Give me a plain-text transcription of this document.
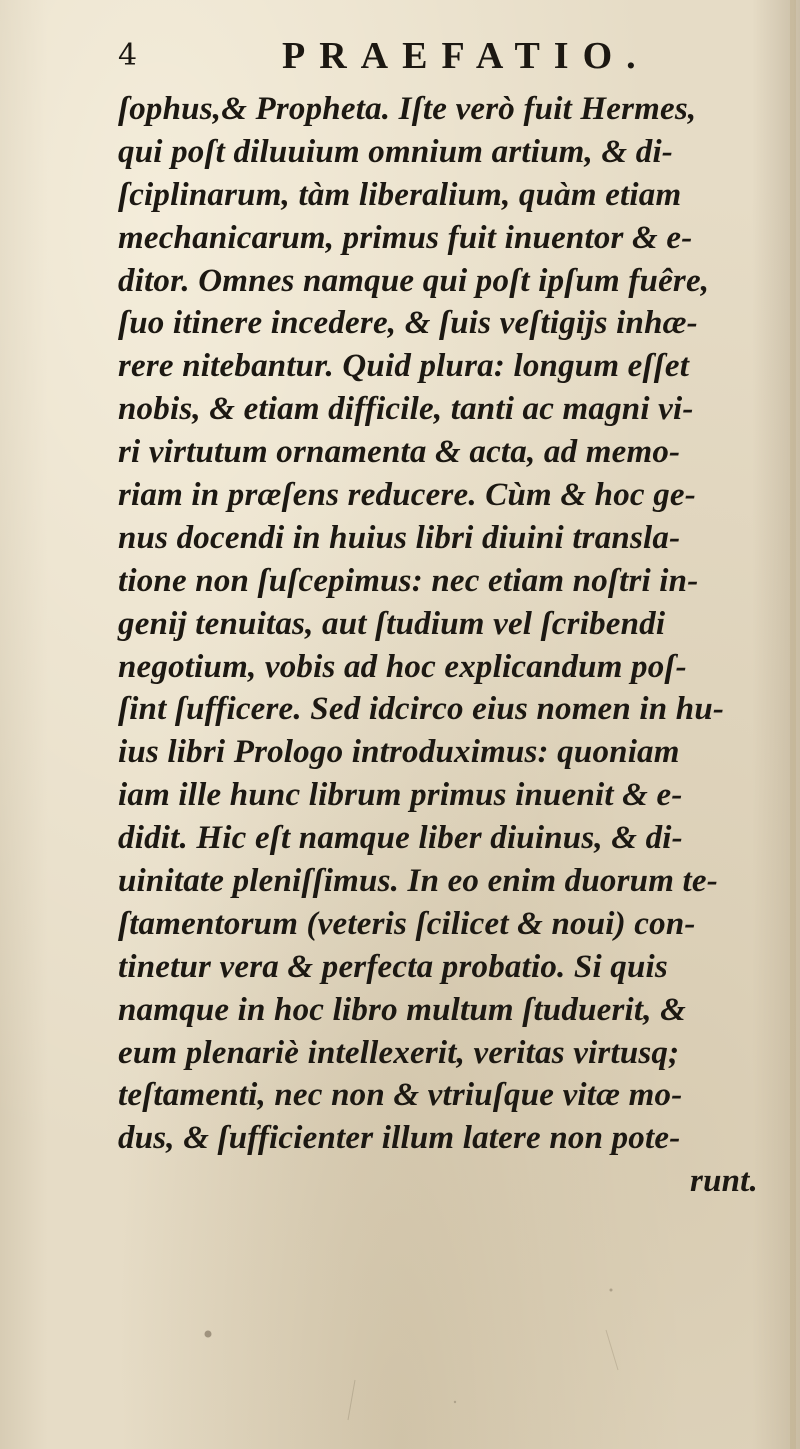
4	PRAEFATIO.
ſophus,& Propheta. Iſte verò fuit Hermes,
qui poſt diluuium omnium artium, & di-
ſciplinarum, tàm liberalium, quàm etiam
mechanicarum, primus fuit inuentor & e-
ditor. Omnes namque qui poſt ipſum fuêre,
ſuo itinere incedere, & ſuis veſtigijs inhæ-
rere nitebantur. Quid plura: longum eſſet
nobis, & etiam difficile, tanti ac magni vi-
ri virtutum ornamenta & acta, ad memo-
riam in præſens reducere. Cùm & hoc ge-
nus docendi in huius libri diuini transla-
tione non ſuſcepimus: nec etiam noſtri in-
genij tenuitas, aut ſtudium vel ſcribendi
negotium, vobis ad hoc explicandum poſ-
ſint ſufficere. Sed idcirco eius nomen in hu-
ius libri Prologo introduximus: quoniam
iam ille hunc librum primus inuenit & e-
didit. Hic eſt namque liber diuinus, & di-
uinitate pleniſſimus. In eo enim duorum te-
ſtamentorum (veteris ſcilicet & noui) con-
tinetur vera & perfecta probatio. Si quis
namque in hoc libro multum ſtuduerit, &
eum plenariè intellexerit, veritas virtusq;
teſtamenti, nec non & vtriuſque vitæ mo-
dus, & ſufficienter illum latere non pote-
runt.
